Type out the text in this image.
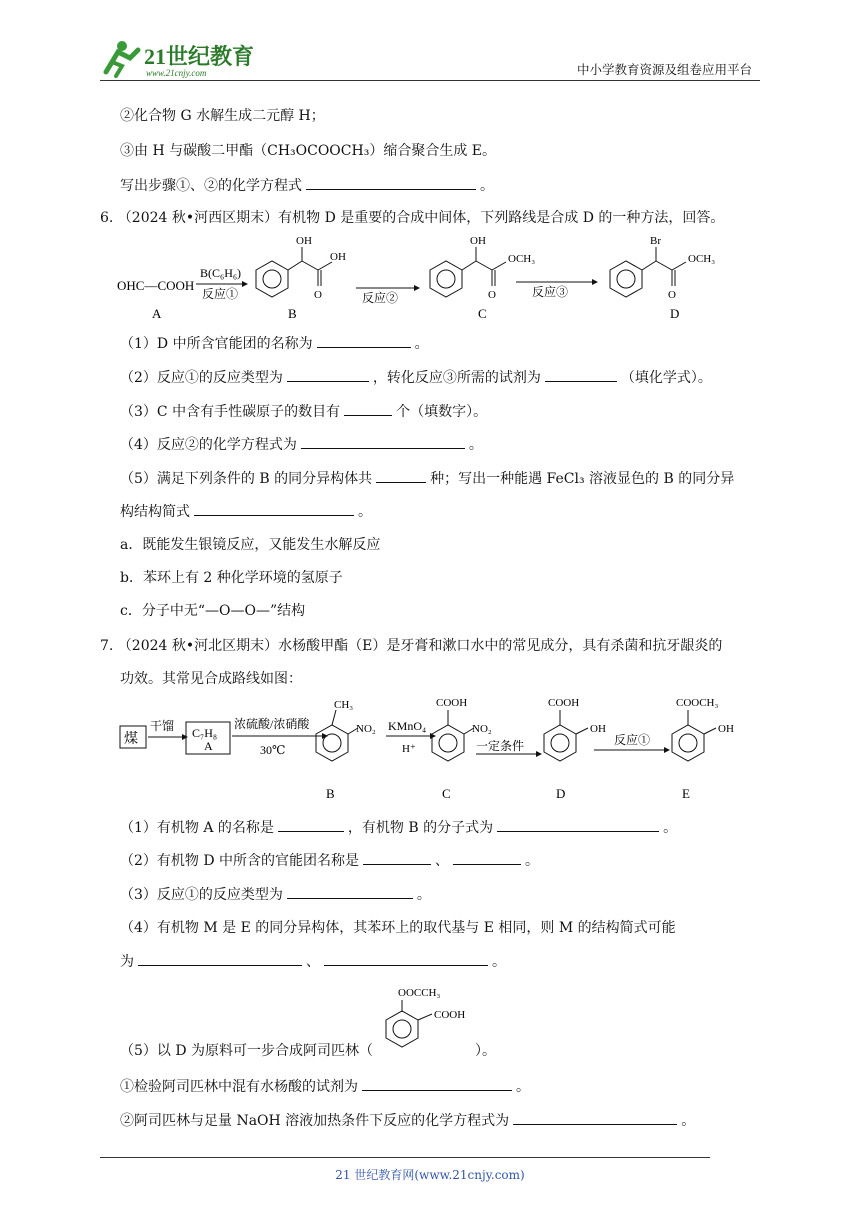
21世纪教育
www.21cnjy.com	中小学教育资源及组卷应用平台
②化合物 G 水解生成二元醇 H；
③由 H 与碳酸二甲酯（CH₃OCOOCH₃）缩合聚合生成 E。
写出步骤①、②的化学方程式	。
6. （2024 秋•河西区期末）有机物 D 是重要的合成中间体，下列路线是合成 D 的一种方法，回答。
OHC—COOH
A
B(C₆H₆)
反应①
OH
O
OH
B
反应②
OH
O
OCH₃
C
反应③
Br
O
OCH₃
D
（1）D 中所含官能团的名称为	。
（2）反应①的反应类型为	，转化反应③所需的试剂为	（填化学式）。
（3）C 中含有手性碳原子的数目有	个（填数字）。
（4）反应②的化学方程式为	。
（5）满足下列条件的 B 的同分异构体共	种；写出一种能遇 FeCl₃ 溶液显色的 B 的同分异
构结构简式	。
a．既能发生银镜反应，又能发生水解反应
b．苯环上有 2 种化学环境的氢原子
c．分子中无“—O—O—”结构
7. （2024 秋•河北区期末）水杨酸甲酯（E）是牙膏和漱口水中的常见成分，具有杀菌和抗牙龈炎的
功效。其常见合成路线如图：
煤
干馏 C₇H₈
A
浓硫酸/浓硝酸
30℃
CH₃
NO₂
B
KMnO₄
H⁺
COOH
NO₂
C
一定条件
COOH
OH
D
反应①
COOCH₃
OH
E
（1）有机物 A 的名称是	，有机物 B 的分子式为	。
（2）有机物 D 中所含的官能团名称是	、	。
（3）反应①的反应类型为	。
（4）有机物 M 是 E 的同分异构体，其苯环上的取代基与 E 相同，则 M 的结构简式可能
为	、	。
OOCCH₃
COOH
（5）以 D 为原料可一步合成阿司匹林（	）。
①检验阿司匹林中混有水杨酸的试剂为	。
②阿司匹林与足量 NaOH 溶液加热条件下反应的化学方程式为	。
21 世纪教育网(www.21cnjy.com)
